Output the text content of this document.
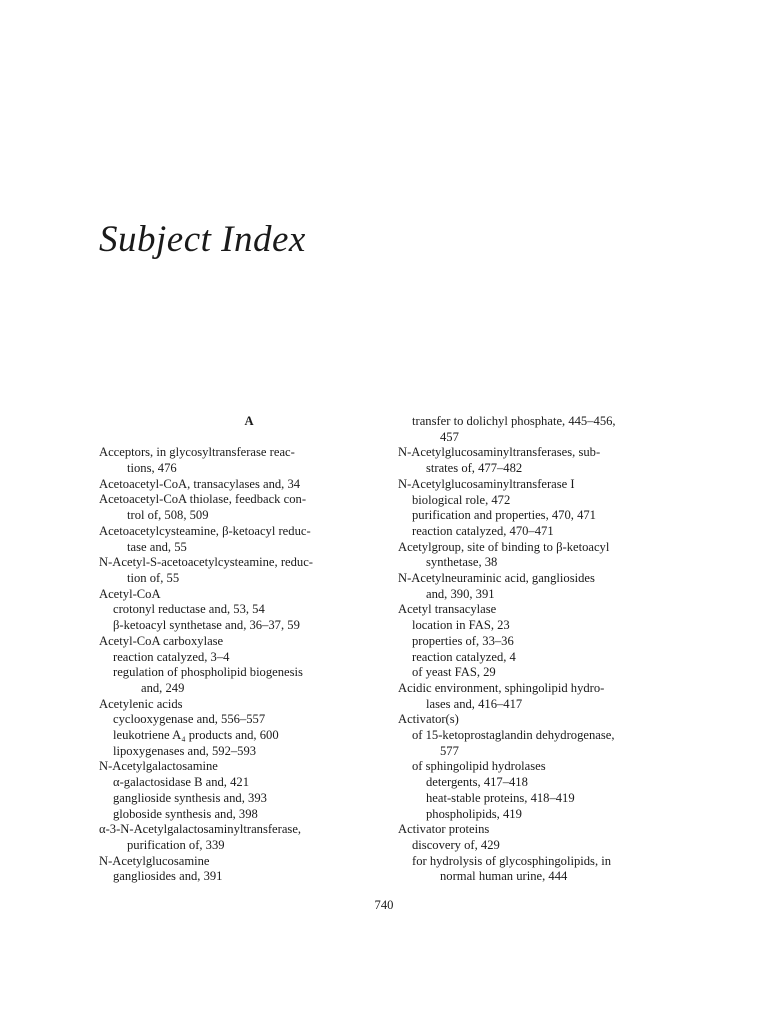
Subject Index
A
Acceptors, in glycosyltransferase reac-
tions, 476
Acetoacetyl-CoA, transacylases and, 34
Acetoacetyl-CoA thiolase, feedback con-
trol of, 508, 509
Acetoacetylcysteamine, β-ketoacyl reduc-
tase and, 55
N-Acetyl-S-acetoacetylcysteamine, reduc-
tion of, 55
Acetyl-CoA
crotonyl reductase and, 53, 54
β-ketoacyl synthetase and, 36–37, 59
Acetyl-CoA carboxylase
reaction catalyzed, 3–4
regulation of phospholipid biogenesis
and, 249
Acetylenic acids
cyclooxygenase and, 556–557
leukotriene A₄ products and, 600
lipoxygenases and, 592–593
N-Acetylgalactosamine
α-galactosidase B and, 421
ganglioside synthesis and, 393
globoside synthesis and, 398
α-3-N-Acetylgalactosaminyltransferase,
purification of, 339
N-Acetylglucosamine
gangliosides and, 391
transfer to dolichyl phosphate, 445–456,
457
N-Acetylglucosaminyltransferases, sub-
strates of, 477–482
N-Acetylglucosaminyltransferase I
biological role, 472
purification and properties, 470, 471
reaction catalyzed, 470–471
Acetylgroup, site of binding to β-ketoacyl
synthetase, 38
N-Acetylneuraminic acid, gangliosides
and, 390, 391
Acetyl transacylase
location in FAS, 23
properties of, 33–36
reaction catalyzed, 4
of yeast FAS, 29
Acidic environment, sphingolipid hydro-
lases and, 416–417
Activator(s)
of 15-ketoprostaglandin dehydrogenase,
577
of sphingolipid hydrolases
detergents, 417–418
heat-stable proteins, 418–419
phospholipids, 419
Activator proteins
discovery of, 429
for hydrolysis of glycosphingolipids, in
normal human urine, 444
740
